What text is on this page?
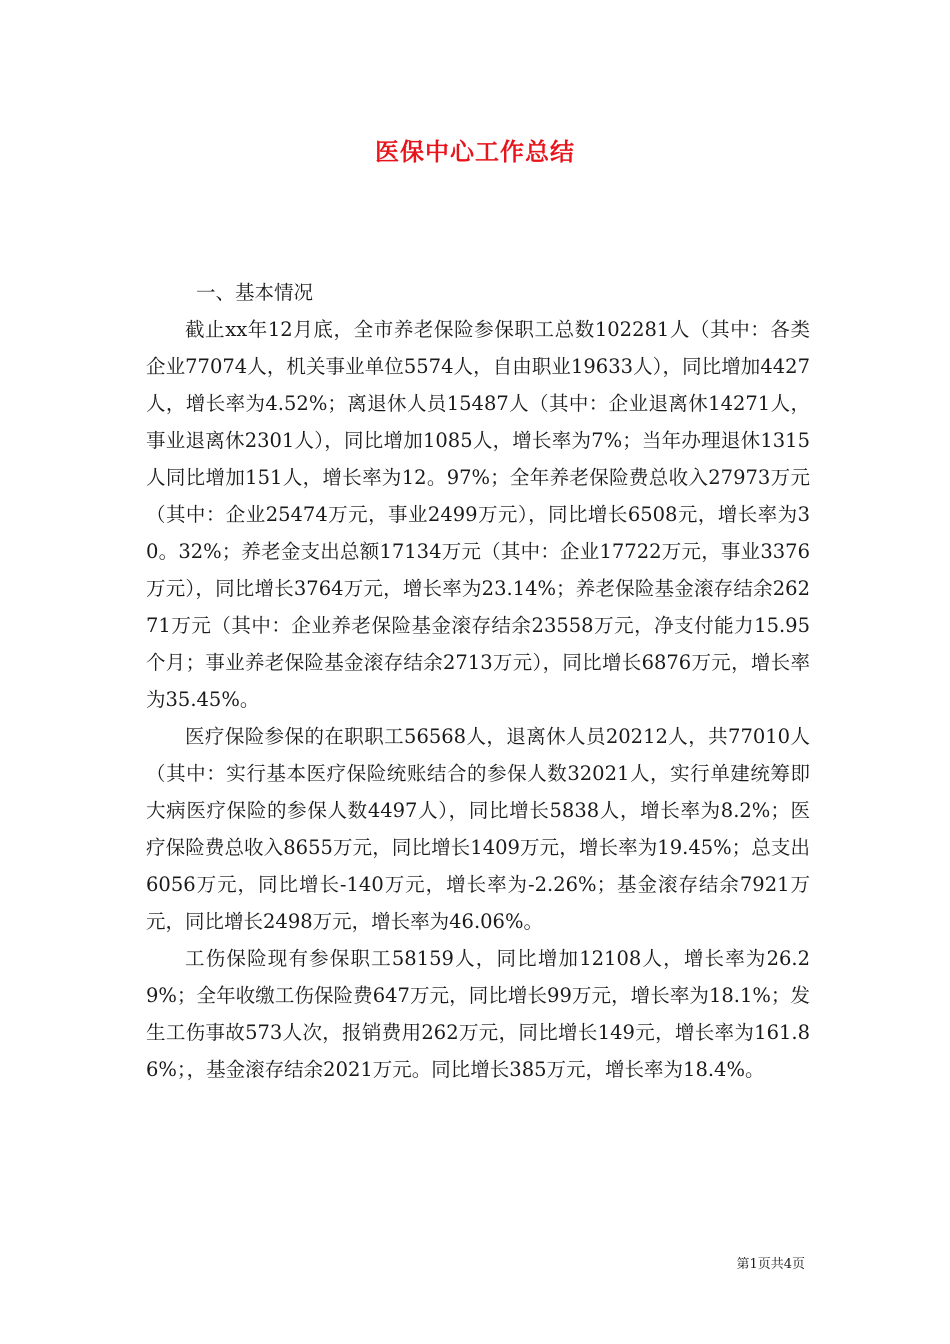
医保中心工作总结

一、基本情况

截止xx年12月底，全市养老保险参保职工总数102281人（其中：各类企业77074人，机关事业单位5574人，自由职业19633人），同比增加4427人，增长率为4.52%；离退休人员15487人（其中：企业退离休14271人，事业退离休2301人），同比增加1085人，增长率为7%；当年办理退休1315人同比增加151人，增长率为12。97%；全年养老保险费总收入27973万元（其中：企业25474万元，事业2499万元），同比增长6508元，增长率为30。32%；养老金支出总额17134万元（其中：企业17722万元，事业3376万元），同比增长3764万元，增长率为23.14%；养老保险基金滚存结余26271万元（其中：企业养老保险基金滚存结余23558万元，净支付能力15.95个月；事业养老保险基金滚存结余2713万元），同比增长6876万元，增长率为35.45%。

医疗保险参保的在职职工56568人，退离休人员20212人，共77010人（其中：实行基本医疗保险统账结合的参保人数32021人，实行单建统筹即大病医疗保险的参保人数4497人），同比增长5838人，增长率为8.2%；医疗保险费总收入8655万元，同比增长1409万元，增长率为19.45%；总支出6056万元，同比增长-140万元，增长率为-2.26%；基金滚存结余7921万元，同比增长2498万元，增长率为46.06%。

工伤保险现有参保职工58159人，同比增加12108人，增长率为26.29%；全年收缴工伤保险费647万元，同比增长99万元，增长率为18.1%；发生工伤事故573人次，报销费用262万元，同比增长149元，增长率为161.86%；，基金滚存结余2021万元。同比增长385万元，增长率为18.4%。

第1页共4页
